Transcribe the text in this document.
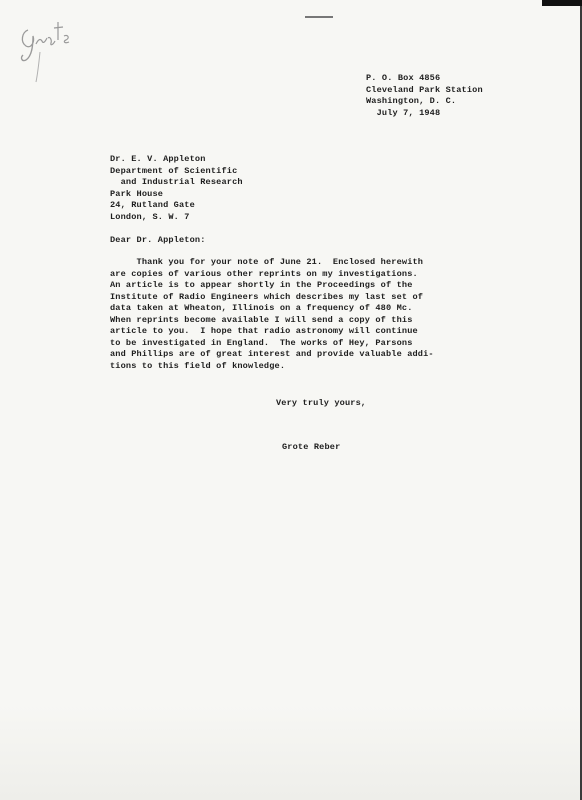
P. O. Box 4856
Cleveland Park Station
Washington, D. C.
July 7, 1948
Dr. E. V. Appleton
Department of Scientific
and Industrial Research
Park House
24, Rutland Gate
London, S. W. 7
Dear Dr. Appleton:
Thank you for your note of June 21.  Enclosed herewith
are copies of various other reprints on my investigations.
An article is to appear shortly in the Proceedings of the
Institute of Radio Engineers which describes my last set of
data taken at Wheaton, Illinois on a frequency of 480 Mc.
When reprints become available I will send a copy of this
article to you.  I hope that radio astronomy will continue
to be investigated in England.  The works of Hey, Parsons
and Phillips are of great interest and provide valuable addi-
tions to this field of knowledge.
Very truly yours,
Grote Reber
